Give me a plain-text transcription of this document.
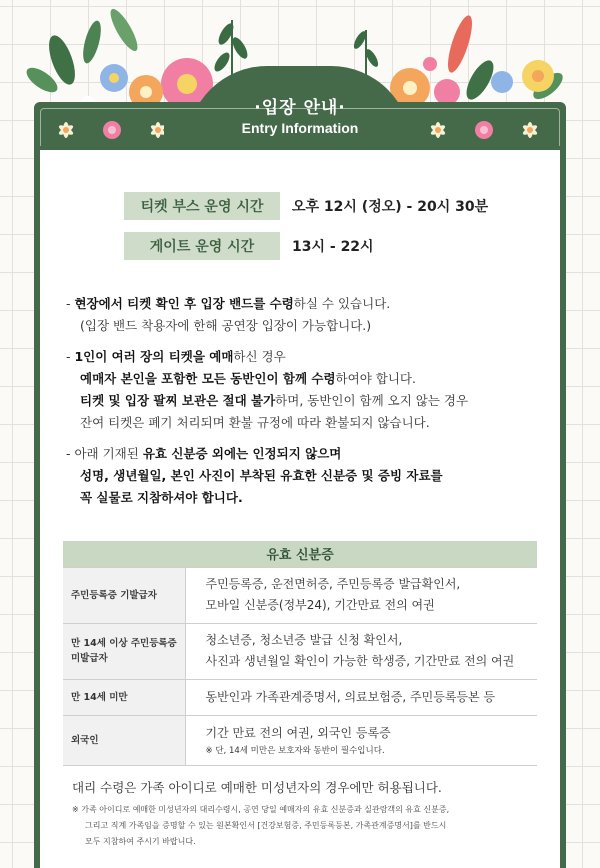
·입장 안내·
Entry Information
티켓 부스 운영 시간	오후 12시 (정오) - 20시 30분
게이트 운영 시간	13시 - 22시

- 현장에서 티켓 확인 후 입장 밴드를 수령하실 수 있습니다.

(입장 밴드 착용자에 한해 공연장 입장이 가능합니다.)

- 1인이 여러 장의 티켓을 예매하신 경우

예매자 본인을 포함한 모든 동반인이 함께 수령하여야 합니다.

티켓 및 입장 팔찌 보관은 절대 불가하며, 동반인이 함께 오지 않는 경우

잔여 티켓은 폐기 처리되며 환불 규정에 따라 환불되지 않습니다.

- 아래 기재된 유효 신분증 외에는 인정되지 않으며

성명, 생년월일, 본인 사진이 부착된 유효한 신분증 및 증빙 자료를

꼭 실물로 지참하셔야 합니다.

유효 신분증	
주민등록증 기발급자	주민등록증, 운전면허증, 주민등록증 발급확인서,
모바일 신분증(정부24), 기간만료 전의 여권

만 14세 이상 주민등록증 미발급자	청소년증, 청소년증 발급 신청 확인서,
사진과 생년월일 확인이 가능한 학생증, 기간만료 전의 여권

만 14세 미만	동반인과 가족관계증명서, 의료보험증, 주민등록등본 등

외국인	기간 만료 전의 여권, 외국인 등록증
※ 단, 14세 미만은 보호자와 동반이 필수입니다.
대리 수령은 가족 아이디로 예매한 미성년자의 경우에만 허용됩니다.
※ 가족 아이디로 예매한 미성년자의 대리수령시, 공연 당일 예매자의 유효 신분증과 실관람객의 유효 신분증,
그리고 직계 가족임을 증명할 수 있는 원본확인서 [건강보험증, 주민등록등본, 가족관계증명서]를 반드시
모두 지참하여 주시기 바랍니다.
